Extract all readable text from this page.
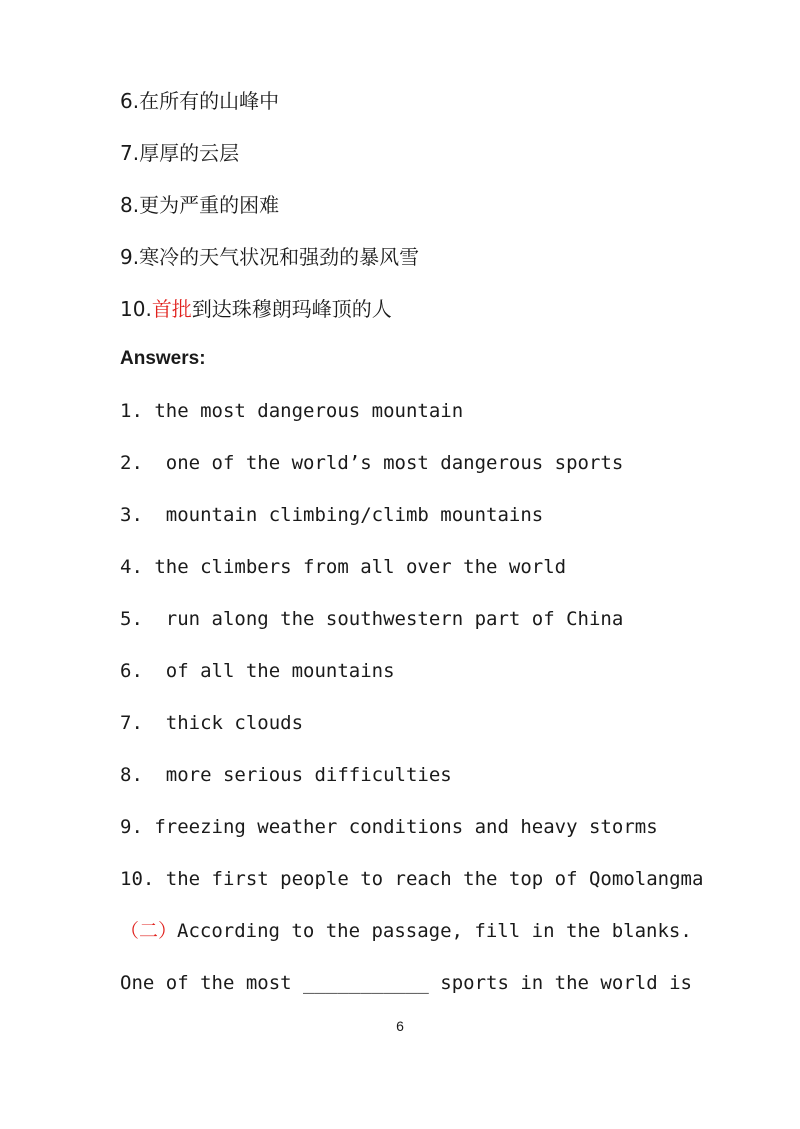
6.在所有的山峰中
7.厚厚的云层
8.更为严重的困难
9.寒冷的天气状况和强劲的暴风雪
10.首批到达珠穆朗玛峰顶的人
Answers:
1. the most dangerous mountain
2.  one of the world’s most dangerous sports
3.  mountain climbing/climb mountains
4. the climbers from all over the world
5.  run along the southwestern part of China
6.  of all the mountains
7.  thick clouds
8.  more serious difficulties
9. freezing weather conditions and heavy storms
10. the first people to reach the top of Qomolangma
（二）According to the passage, fill in the blanks.
One of the most ___________ sports in the world is
6
